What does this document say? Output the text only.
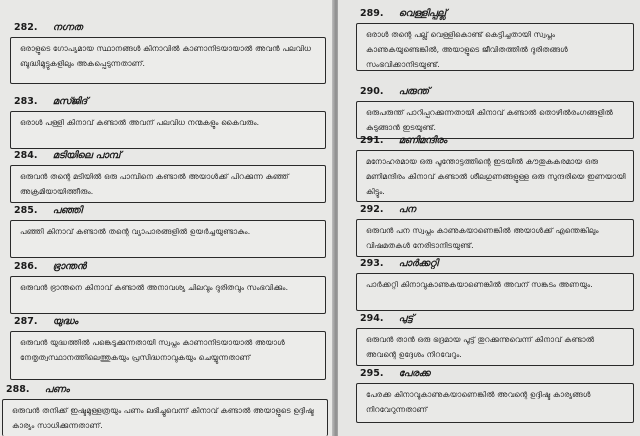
282. നഗ്നത

ഒരാളുടെ ഗോപ്യമായ സ്ഥാനങ്ങൾ കിനാവിൽ കാണാനിടയായാൽ അവൻ പലവിധ ബുദ്ധിമുട്ടുകളിലും അകപ്പെടുന്നതാണ്.

283. മസ്ജിദ്

ഒരാൾ പള്ളി കിനാവ് കണ്ടാൽ അവന് പലവിധ നന്മകളും കൈവരും.

284. മടിയിലെ പാമ്പ്

ഒരുവൻ തന്റെ മടിയിൽ ഒരു പാമ്പിനെ കണ്ടാൽ അയാൾക്ക് പിറക്കുന്ന കുഞ്ഞ് അക്രമിയായിത്തീരും.

285. പഞ്ഞി

പഞ്ഞി കിനാവ് കണ്ടാൽ തന്റെ വ്യാപാരങ്ങളിൽ ഉയർച്ചയുണ്ടാകും.

286. ഭ്രാന്തൻ

ഒരുവൻ ഭ്രാന്തനെ കിനാവ് കണ്ടാൽ അനാവശ്യ ചിലവും ദുരിതവും സംഭവിക്കും.

287. യുദ്ധം

ഒരുവൻ യുദ്ധത്തിൽ പങ്കെടുക്കുന്നതായി സ്വപ്നം കാണാനിടയായാൽ അയാൾ നേതൃത്വസ്ഥാനത്തിലെത്തുകയും പ്രസിദ്ധനാവുകയും ചെയ്യുന്നതാണ്

288. പണം

ഒരുവൻ തനിക്ക് ഇഷ്ടമുള്ളത്രയും പണം ലഭിച്ചുവെന്ന് കിനാവ് കണ്ടാൽ അയാളുടെ ഉദ്ദിഷ്ട കാര്യം സാധിക്കുന്നതാണ്.

289. വെള്ളിപ്പല്ല്

ഒരാൾ തന്റെ പല്ല് വെള്ളികൊണ്ട് കെട്ടിച്ചതായി സ്വപ്നം കാണുകയുണ്ടെങ്കിൽ, അയാളുടെ ജീവിതത്തിൽ ദുരിതങ്ങൾ സംഭവിക്കാനിടയുണ്ട്.

290. പരുന്ത്

ഒരുപരുന്ത് പാറിപ്പറക്കുന്നതായി കിനാവ് കണ്ടാൽ തൊഴിൽരംഗങ്ങളിൽ കുടുങ്ങാൻ ഇടയുണ്ട്.

291. മണിമന്ദിരം

മനോഹരമായ ഒരു പൂന്തോട്ടത്തിന്റെ ഇടയിൽ കൗതുകകരമായ ഒരു മണിമന്ദിരം കിനാവ് കണ്ടാൽ ശീലഗുണങ്ങളുള്ള ഒരു സുന്ദരിയെ ഇണയായി കിട്ടും.

292. പന

ഒരുവൻ പന സ്വപ്നം കാണുകയാണെങ്കിൽ അയാൾക്ക് എന്തെങ്കിലും വിഷമതകൾ നേരിടാനിടയുണ്ട്.

293. പാർക്കറ്റി

പാർക്കറ്റി കിനാവുകാണുകയാണെങ്കിൽ അവന് സങ്കടം അണയും.

294. പുട്ട്

ഒരുവൻ താൻ ഒരു ഭദ്രമായ പൂട്ട് തുറക്കുന്നുവെന്ന് കിനാവ് കണ്ടാൽ അവന്റെ ഉദ്ദേശം നിറവേറും.

295. പേരക്ക

പേരക്ക കിനാവുകാണുകയാണെങ്കിൽ അവന്റെ ഉദ്ദിഷ്ട കാര്യങ്ങൾ നിറവേറുന്നതാണ്
